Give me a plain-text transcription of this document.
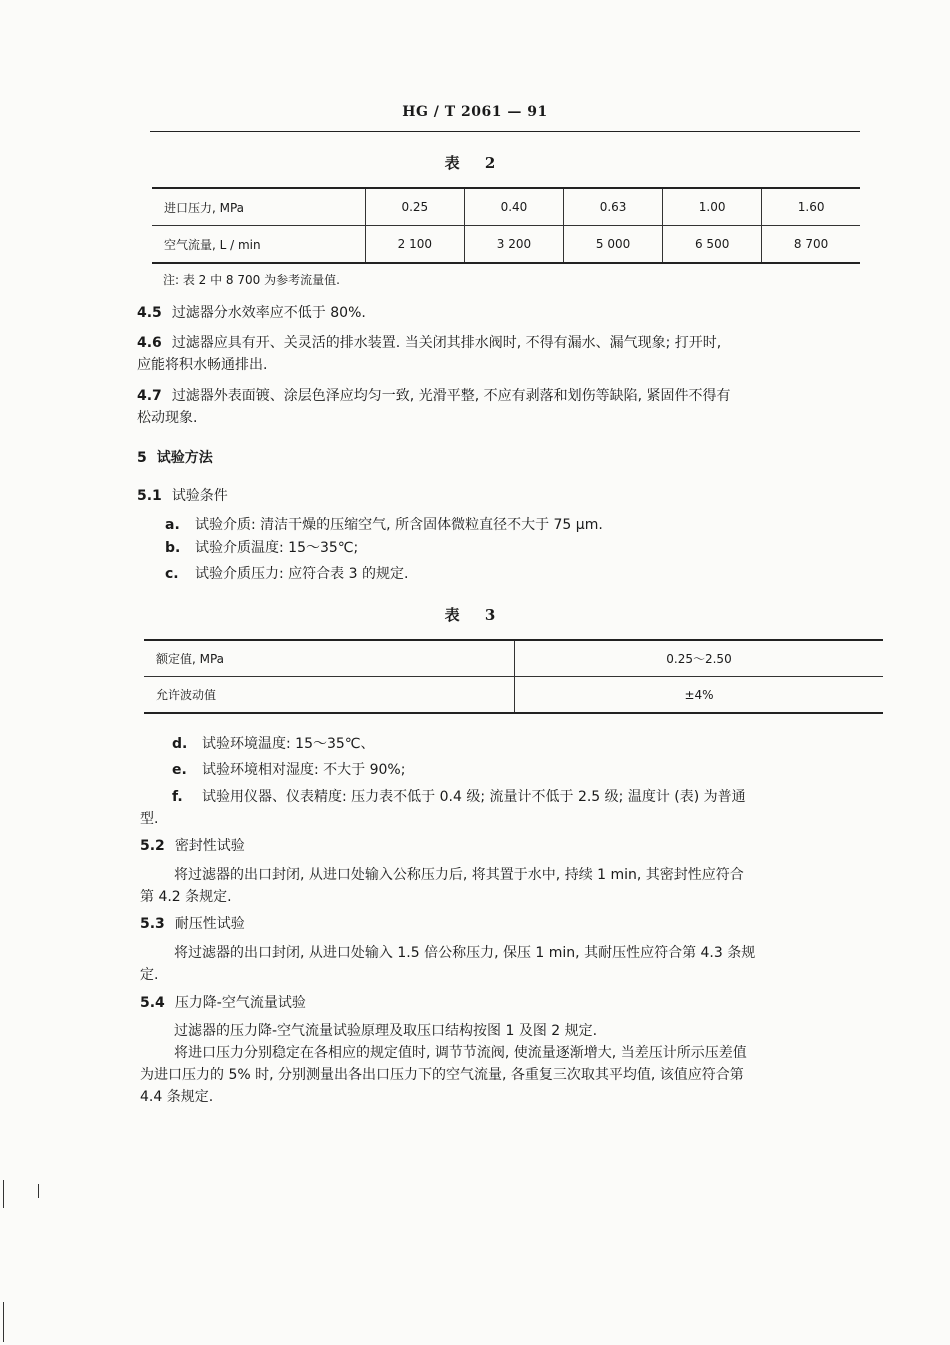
HG / T 2061 — 91
表 2
进口压力, MPa	0.25	0.40	0.63	1.00	1.60
空气流量, L / min	2 100	3 200	5 000	6 500	8 700
注: 表 2 中 8 700 为参考流量值.
4.5 过滤器分水效率应不低于 80%.
4.6 过滤器应具有开、关灵活的排水装置. 当关闭其排水阀时, 不得有漏水、漏气现象; 打开时,
应能将积水畅通排出.
4.7 过滤器外表面镀、涂层色泽应均匀一致, 光滑平整, 不应有剥落和划伤等缺陷, 紧固件不得有
松动现象.
5 试验方法
5.1 试验条件
a. 试验介质: 清洁干燥的压缩空气, 所含固体微粒直径不大于 75 μm.
b. 试验介质温度: 15～35℃;
c. 试验介质压力: 应符合表 3 的规定.
表 3
额定值, MPa	0.25～2.50
允许波动值	±4%
d. 试验环境温度: 15～35℃、
e. 试验环境相对湿度: 不大于 90%;
f. 试验用仪器、仪表精度: 压力表不低于 0.4 级; 流量计不低于 2.5 级; 温度计 (表) 为普通
型.
5.2 密封性试验
将过滤器的出口封闭, 从进口处输入公称压力后, 将其置于水中, 持续 1 min, 其密封性应符合
第 4.2 条规定.
5.3 耐压性试验
将过滤器的出口封闭, 从进口处输入 1.5 倍公称压力, 保压 1 min, 其耐压性应符合第 4.3 条规
定.
5.4 压力降-空气流量试验
过滤器的压力降-空气流量试验原理及取压口结构按图 1 及图 2 规定.
将进口压力分别稳定在各相应的规定值时, 调节节流阀, 使流量逐渐增大, 当差压计所示压差值
为进口压力的 5% 时, 分别测量出各出口压力下的空气流量, 各重复三次取其平均值, 该值应符合第
4.4 条规定.
